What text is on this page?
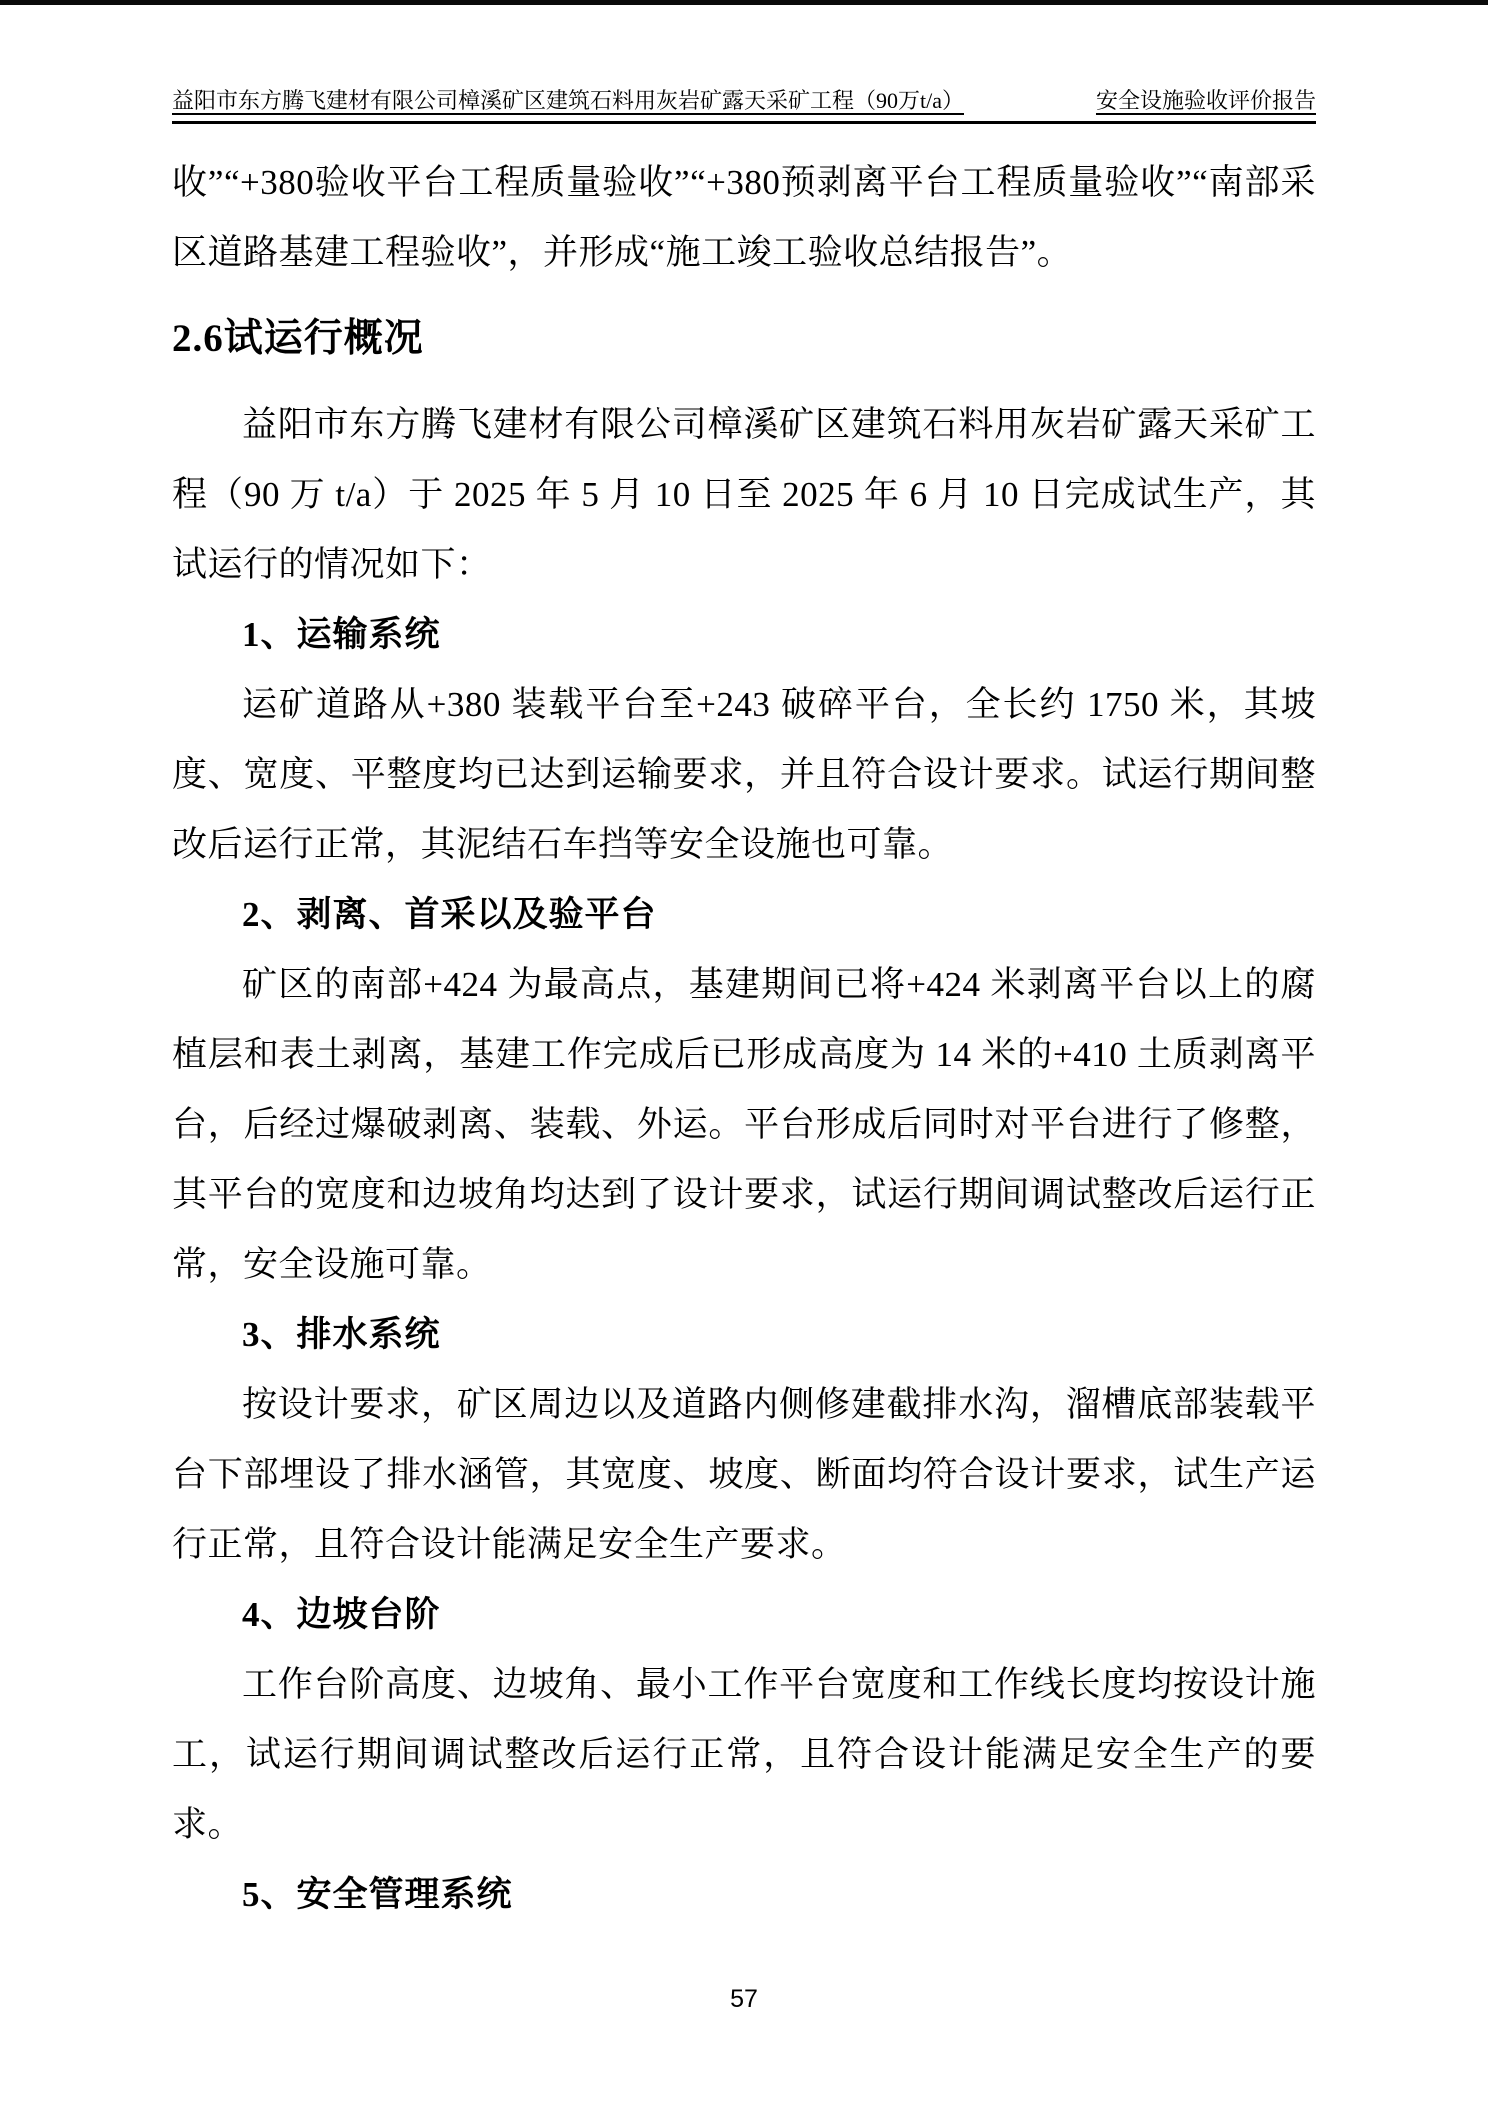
益阳市东方腾飞建材有限公司樟溪矿区建筑石料用灰岩矿露天采矿工程（90万t/a）	安全设施验收评价报告

收”“+380验收平台工程质量验收”“+380预剥离平台工程质量验收”“南部采区道路基建工程验收”，并形成“施工竣工验收总结报告”。

2.6试运行概况

益阳市东方腾飞建材有限公司樟溪矿区建筑石料用灰岩矿露天采矿工程（90 万 t/a）于 2025 年 5 月 10 日至 2025 年 6 月 10 日完成试生产，其试运行的情况如下：

1、运输系统

运矿道路从+380 装载平台至+243 破碎平台，全长约 1750 米，其坡度、宽度、平整度均已达到运输要求，并且符合设计要求。试运行期间整改后运行正常，其泥结石车挡等安全设施也可靠。

2、剥离、首采以及验平台

矿区的南部+424 为最高点，基建期间已将+424 米剥离平台以上的腐植层和表土剥离，基建工作完成后已形成高度为 14 米的+410 土质剥离平台，后经过爆破剥离、装载、外运。平台形成后同时对平台进行了修整，其平台的宽度和边坡角均达到了设计要求，试运行期间调试整改后运行正常，安全设施可靠。

3、排水系统

按设计要求，矿区周边以及道路内侧修建截排水沟，溜槽底部装载平台下部埋设了排水涵管，其宽度、坡度、断面均符合设计要求，试生产运行正常，且符合设计能满足安全生产要求。

4、边坡台阶

工作台阶高度、边坡角、最小工作平台宽度和工作线长度均按设计施工，试运行期间调试整改后运行正常，且符合设计能满足安全生产的要求。

5、安全管理系统
57
